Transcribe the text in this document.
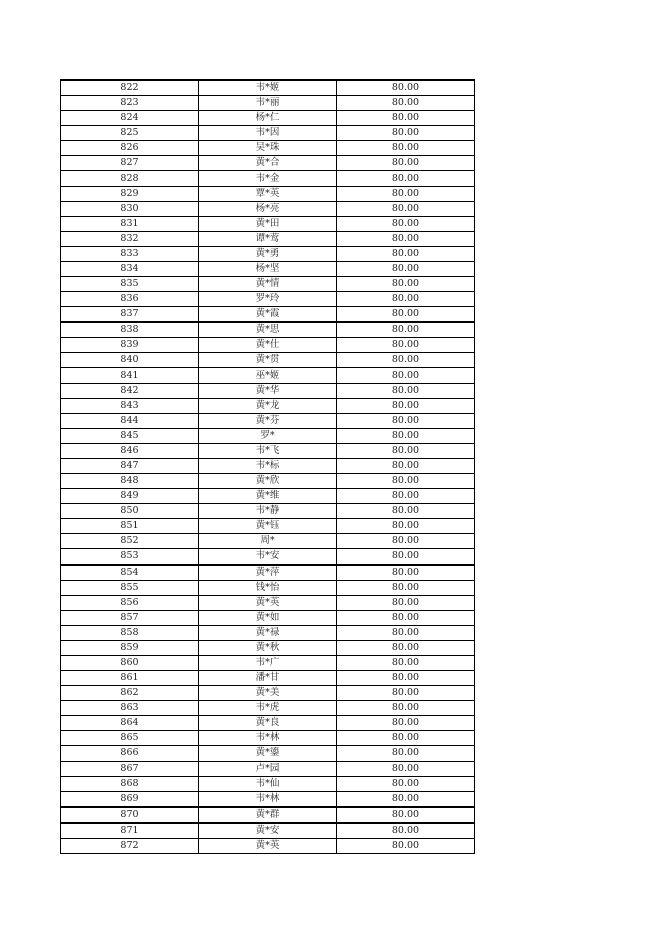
822	韦*姬	80.00
823	韦*丽	80.00
824	杨*仁	80.00
825	韦*因	80.00
826	吴*珠	80.00
827	黄*合	80.00
828	韦*金	80.00
829	覃*英	80.00
830	杨*亮	80.00
831	黄*田	80.00
832	谭*莺	80.00
833	黄*勇	80.00
834	杨*坚	80.00
835	黄*情	80.00
836	罗*玲	80.00
837	黄*霞	80.00
838	黄*思	80.00
839	黄*仕	80.00
840	黄*贯	80.00
841	巫*姬	80.00
842	黄*华	80.00
843	黄*龙	80.00
844	黄*芬	80.00
845	罗*	80.00
846	韦*飞	80.00
847	韦*标	80.00
848	黄*欣	80.00
849	黄*维	80.00
850	韦*静	80.00
851	黄*钰	80.00
852	周*	80.00
853	韦*安	80.00
854	黄*萍	80.00
855	钱*怡	80.00
856	黄*英	80.00
857	黄*如	80.00
858	黄*禄	80.00
859	黄*秋	80.00
860	韦*广	80.00
861	潘*甘	80.00
862	黄*美	80.00
863	韦*虎	80.00
864	黄*良	80.00
865	韦*林	80.00
866	黄*鎏	80.00
867	卢*园	80.00
868	韦*仙	80.00
869	韦*林	80.00
870	黄*群	80.00
871	黄*安	80.00
872	黄*英	80.00
